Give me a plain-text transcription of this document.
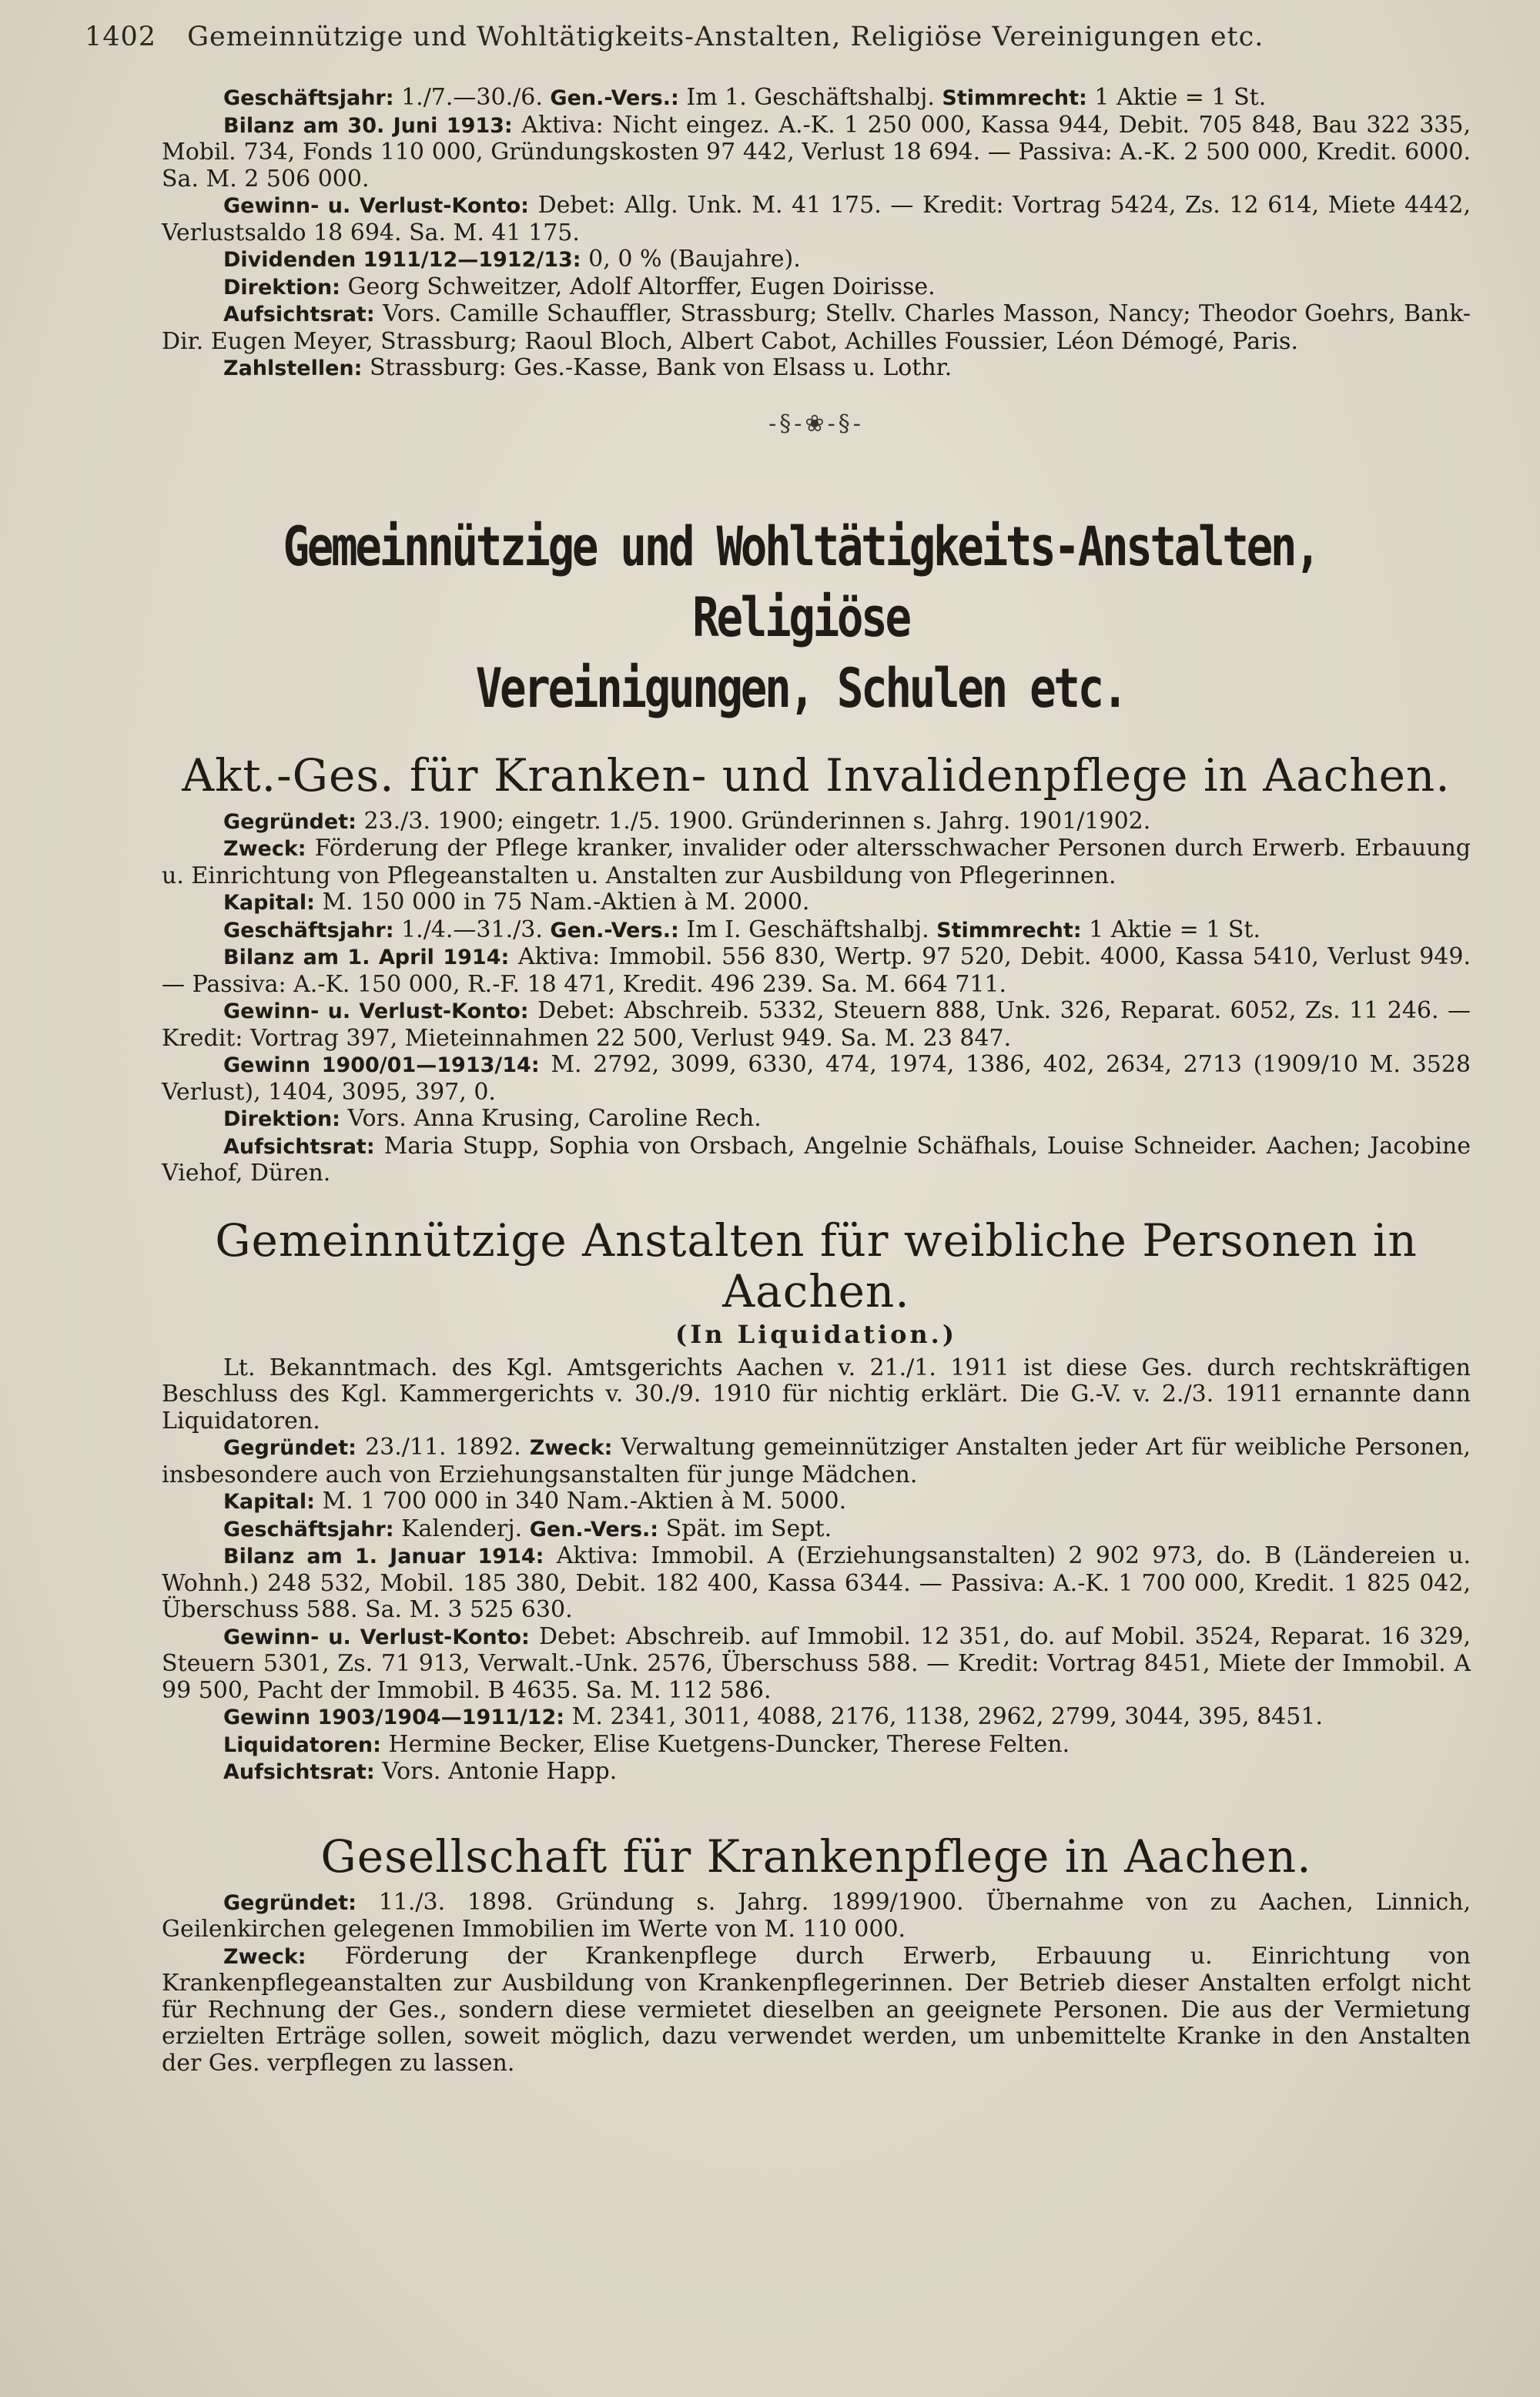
1402 Gemeinnützige und Wohltätigkeits-Anstalten, Religiöse Vereinigungen etc.

Geschäftsjahr: 1./7.—30./6. Gen.-Vers.: Im 1. Geschäftshalbj. Stimmrecht: 1 Aktie = 1 St.

Bilanz am 30. Juni 1913: Aktiva: Nicht eingez. A.-K. 1 250 000, Kassa 944, Debit. 705 848, Bau 322 335, Mobil. 734, Fonds 110 000, Gründungskosten 97 442, Verlust 18 694. — Passiva: A.-K. 2 500 000, Kredit. 6000. Sa. M. 2 506 000.

Gewinn- u. Verlust-Konto: Debet: Allg. Unk. M. 41 175. — Kredit: Vortrag 5424, Zs. 12 614, Miete 4442, Verlustsaldo 18 694. Sa. M. 41 175.

Dividenden 1911/12—1912/13: 0, 0 % (Baujahre).

Direktion: Georg Schweitzer, Adolf Altorffer, Eugen Doirisse.

Aufsichtsrat: Vors. Camille Schauffler, Strassburg; Stellv. Charles Masson, Nancy; Theodor Goehrs, Bank-Dir. Eugen Meyer, Strassburg; Raoul Bloch, Albert Cabot, Achilles Foussier, Léon Démogé, Paris.

Zahlstellen: Strassburg: Ges.-Kasse, Bank von Elsass u. Lothr.

-§-❀-§-
Gemeinnützige und Wohltätigkeits-Anstalten, Religiöse
Vereinigungen, Schulen etc.
Akt.-Ges. für Kranken- und Invalidenpflege in Aachen.

Gegründet: 23./3. 1900; eingetr. 1./5. 1900. Gründerinnen s. Jahrg. 1901/1902.

Zweck: Förderung der Pflege kranker, invalider oder altersschwacher Personen durch Erwerb. Erbauung u. Einrichtung von Pflegeanstalten u. Anstalten zur Ausbildung von Pflegerinnen.

Kapital: M. 150 000 in 75 Nam.-Aktien à M. 2000.

Geschäftsjahr: 1./4.—31./3. Gen.-Vers.: Im I. Geschäftshalbj. Stimmrecht: 1 Aktie = 1 St.

Bilanz am 1. April 1914: Aktiva: Immobil. 556 830, Wertp. 97 520, Debit. 4000, Kassa 5410, Verlust 949. — Passiva: A.-K. 150 000, R.-F. 18 471, Kredit. 496 239. Sa. M. 664 711.

Gewinn- u. Verlust-Konto: Debet: Abschreib. 5332, Steuern 888, Unk. 326, Reparat. 6052, Zs. 11 246. — Kredit: Vortrag 397, Mieteinnahmen 22 500, Verlust 949. Sa. M. 23 847.

Gewinn 1900/01—1913/14: M. 2792, 3099, 6330, 474, 1974, 1386, 402, 2634, 2713 (1909/10 M. 3528 Verlust), 1404, 3095, 397, 0.

Direktion: Vors. Anna Krusing, Caroline Rech.

Aufsichtsrat: Maria Stupp, Sophia von Orsbach, Angelnie Schäfhals, Louise Schneider. Aachen; Jacobine Viehof, Düren.

Gemeinnützige Anstalten für weibliche Personen in Aachen.
(In Liquidation.)

Lt. Bekanntmach. des Kgl. Amtsgerichts Aachen v. 21./1. 1911 ist diese Ges. durch rechtskräftigen Beschluss des Kgl. Kammergerichts v. 30./9. 1910 für nichtig erklärt. Die G.-V. v. 2./3. 1911 ernannte dann Liquidatoren.

Gegründet: 23./11. 1892. Zweck: Verwaltung gemeinnütziger Anstalten jeder Art für weibliche Personen, insbesondere auch von Erziehungsanstalten für junge Mädchen.

Kapital: M. 1 700 000 in 340 Nam.-Aktien à M. 5000.

Geschäftsjahr: Kalenderj. Gen.-Vers.: Spät. im Sept.

Bilanz am 1. Januar 1914: Aktiva: Immobil. A (Erziehungsanstalten) 2 902 973, do. B (Ländereien u. Wohnh.) 248 532, Mobil. 185 380, Debit. 182 400, Kassa 6344. — Passiva: A.-K. 1 700 000, Kredit. 1 825 042, Überschuss 588. Sa. M. 3 525 630.

Gewinn- u. Verlust-Konto: Debet: Abschreib. auf Immobil. 12 351, do. auf Mobil. 3524, Reparat. 16 329, Steuern 5301, Zs. 71 913, Verwalt.-Unk. 2576, Überschuss 588. — Kredit: Vortrag 8451, Miete der Immobil. A 99 500, Pacht der Immobil. B 4635. Sa. M. 112 586.

Gewinn 1903/1904—1911/12: M. 2341, 3011, 4088, 2176, 1138, 2962, 2799, 3044, 395, 8451.

Liquidatoren: Hermine Becker, Elise Kuetgens-Duncker, Therese Felten.

Aufsichtsrat: Vors. Antonie Happ.

Gesellschaft für Krankenpflege in Aachen.

Gegründet: 11./3. 1898. Gründung s. Jahrg. 1899/1900. Übernahme von zu Aachen, Linnich, Geilenkirchen gelegenen Immobilien im Werte von M. 110 000.

Zweck: Förderung der Krankenpflege durch Erwerb, Erbauung u. Einrichtung von Krankenpflegeanstalten zur Ausbildung von Krankenpflegerinnen. Der Betrieb dieser Anstalten erfolgt nicht für Rechnung der Ges., sondern diese vermietet dieselben an geeignete Personen. Die aus der Vermietung erzielten Erträge sollen, soweit möglich, dazu verwendet werden, um unbemittelte Kranke in den Anstalten der Ges. verpflegen zu lassen.
